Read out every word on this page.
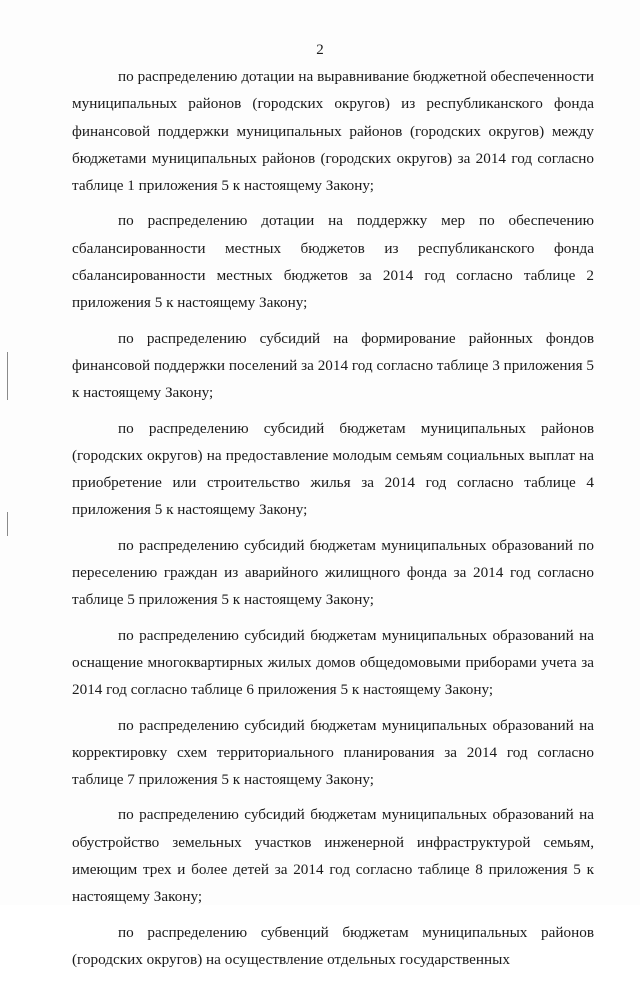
2

по распределению дотации на выравнивание бюджетной обеспеченности муниципальных районов (городских округов) из республиканского фонда финансовой поддержки муниципальных районов (городских округов) между бюджетами муниципальных районов (городских округов) за 2014 год согласно таблице 1 приложения 5 к настоящему Закону;

по распределению дотации на поддержку мер по обеспечению сбалансированности местных бюджетов из республиканского фонда сбалансированности местных бюджетов за 2014 год согласно таблице 2 приложения 5 к настоящему Закону;

по распределению субсидий на формирование районных фондов финансовой поддержки поселений за 2014 год согласно таблице 3 приложения 5 к настоящему Закону;

по распределению субсидий бюджетам муниципальных районов (городских округов) на предоставление молодым семьям социальных выплат на приобретение или строительство жилья за 2014 год согласно таблице 4 приложения 5 к настоящему Закону;

по распределению субсидий бюджетам муниципальных образований по переселению граждан из аварийного жилищного фонда за 2014 год согласно таблице 5 приложения 5 к настоящему Закону;

по распределению субсидий бюджетам муниципальных образований на оснащение многоквартирных жилых домов общедомовыми приборами учета за 2014 год согласно таблице 6 приложения 5 к настоящему Закону;

по распределению субсидий бюджетам муниципальных образований на корректировку схем территориального планирования за 2014 год согласно таблице 7 приложения 5 к настоящему Закону;

по распределению субсидий бюджетам муниципальных образований на обустройство земельных участков инженерной инфраструктурой семьям, имеющим трех и более детей за 2014 год согласно таблице 8 приложения 5 к настоящему Закону;

по распределению субвенций бюджетам муниципальных районов (городских округов) на осуществление отдельных государственных
